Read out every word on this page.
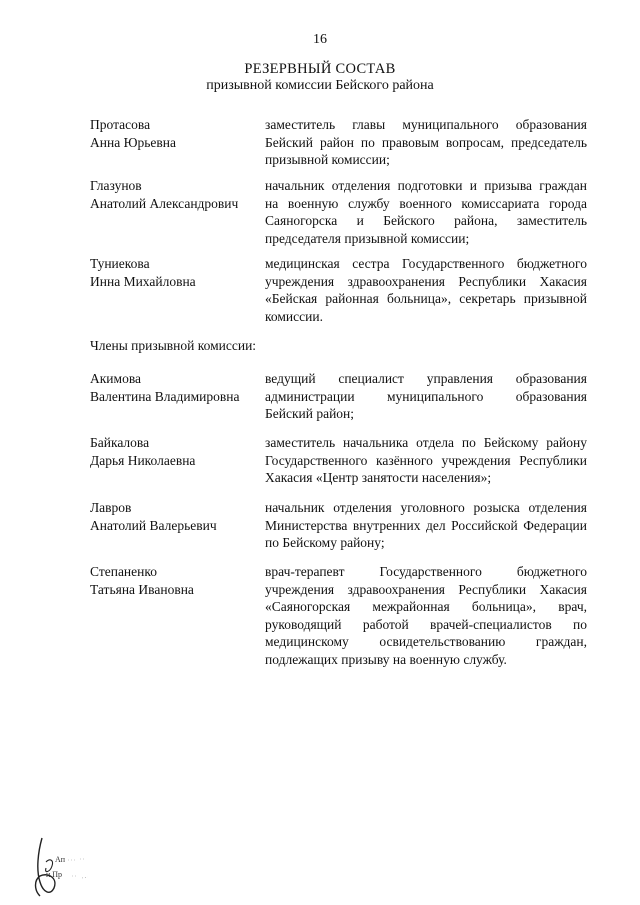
16
РЕЗЕРВНЫЙ СОСТАВ
призывной комиссии Бейского района
Протасова
Анна Юрьевна
заместитель главы муниципального образования
Бейский район по правовым вопросам, председатель
призывной комиссии;
Глазунов
Анатолий Александрович
начальник отделения подготовки и призыва граждан
на военную службу военного комиссариата города
Саяногорска и Бейского района, заместитель
председателя призывной комиссии;
Туниекова
Инна Михайловна
медицинская сестра Государственного бюджетного
учреждения здравоохранения Республики Хакасия
«Бейская районная больница», секретарь призывной
комиссии.
Члены призывной комиссии:
Акимова
Валентина Владимировна
ведущий специалист управления образования
администрации муниципального образования
Бейский район;
Байкалова
Дарья Николаевна
заместитель начальника отдела по Бейскому району
Государственного казённого учреждения Республики
Хакасия «Центр занятости населения»;
Лавров
Анатолий Валерьевич
начальник отделения уголовного розыска отделения
Министерства внутренних дел Российской Федерации
по Бейскому району;
Степаненко
Татьяна Ивановна
врач-терапевт Государственного бюджетного
учреждения здравоохранения Республики Хакасия
«Саяногорская межрайонная больница», врач,
руководящий работой врачей-специалистов по
медицинскому освидетельствованию граждан,
подлежащих призыву на военную службу.
Ап
и Пр
